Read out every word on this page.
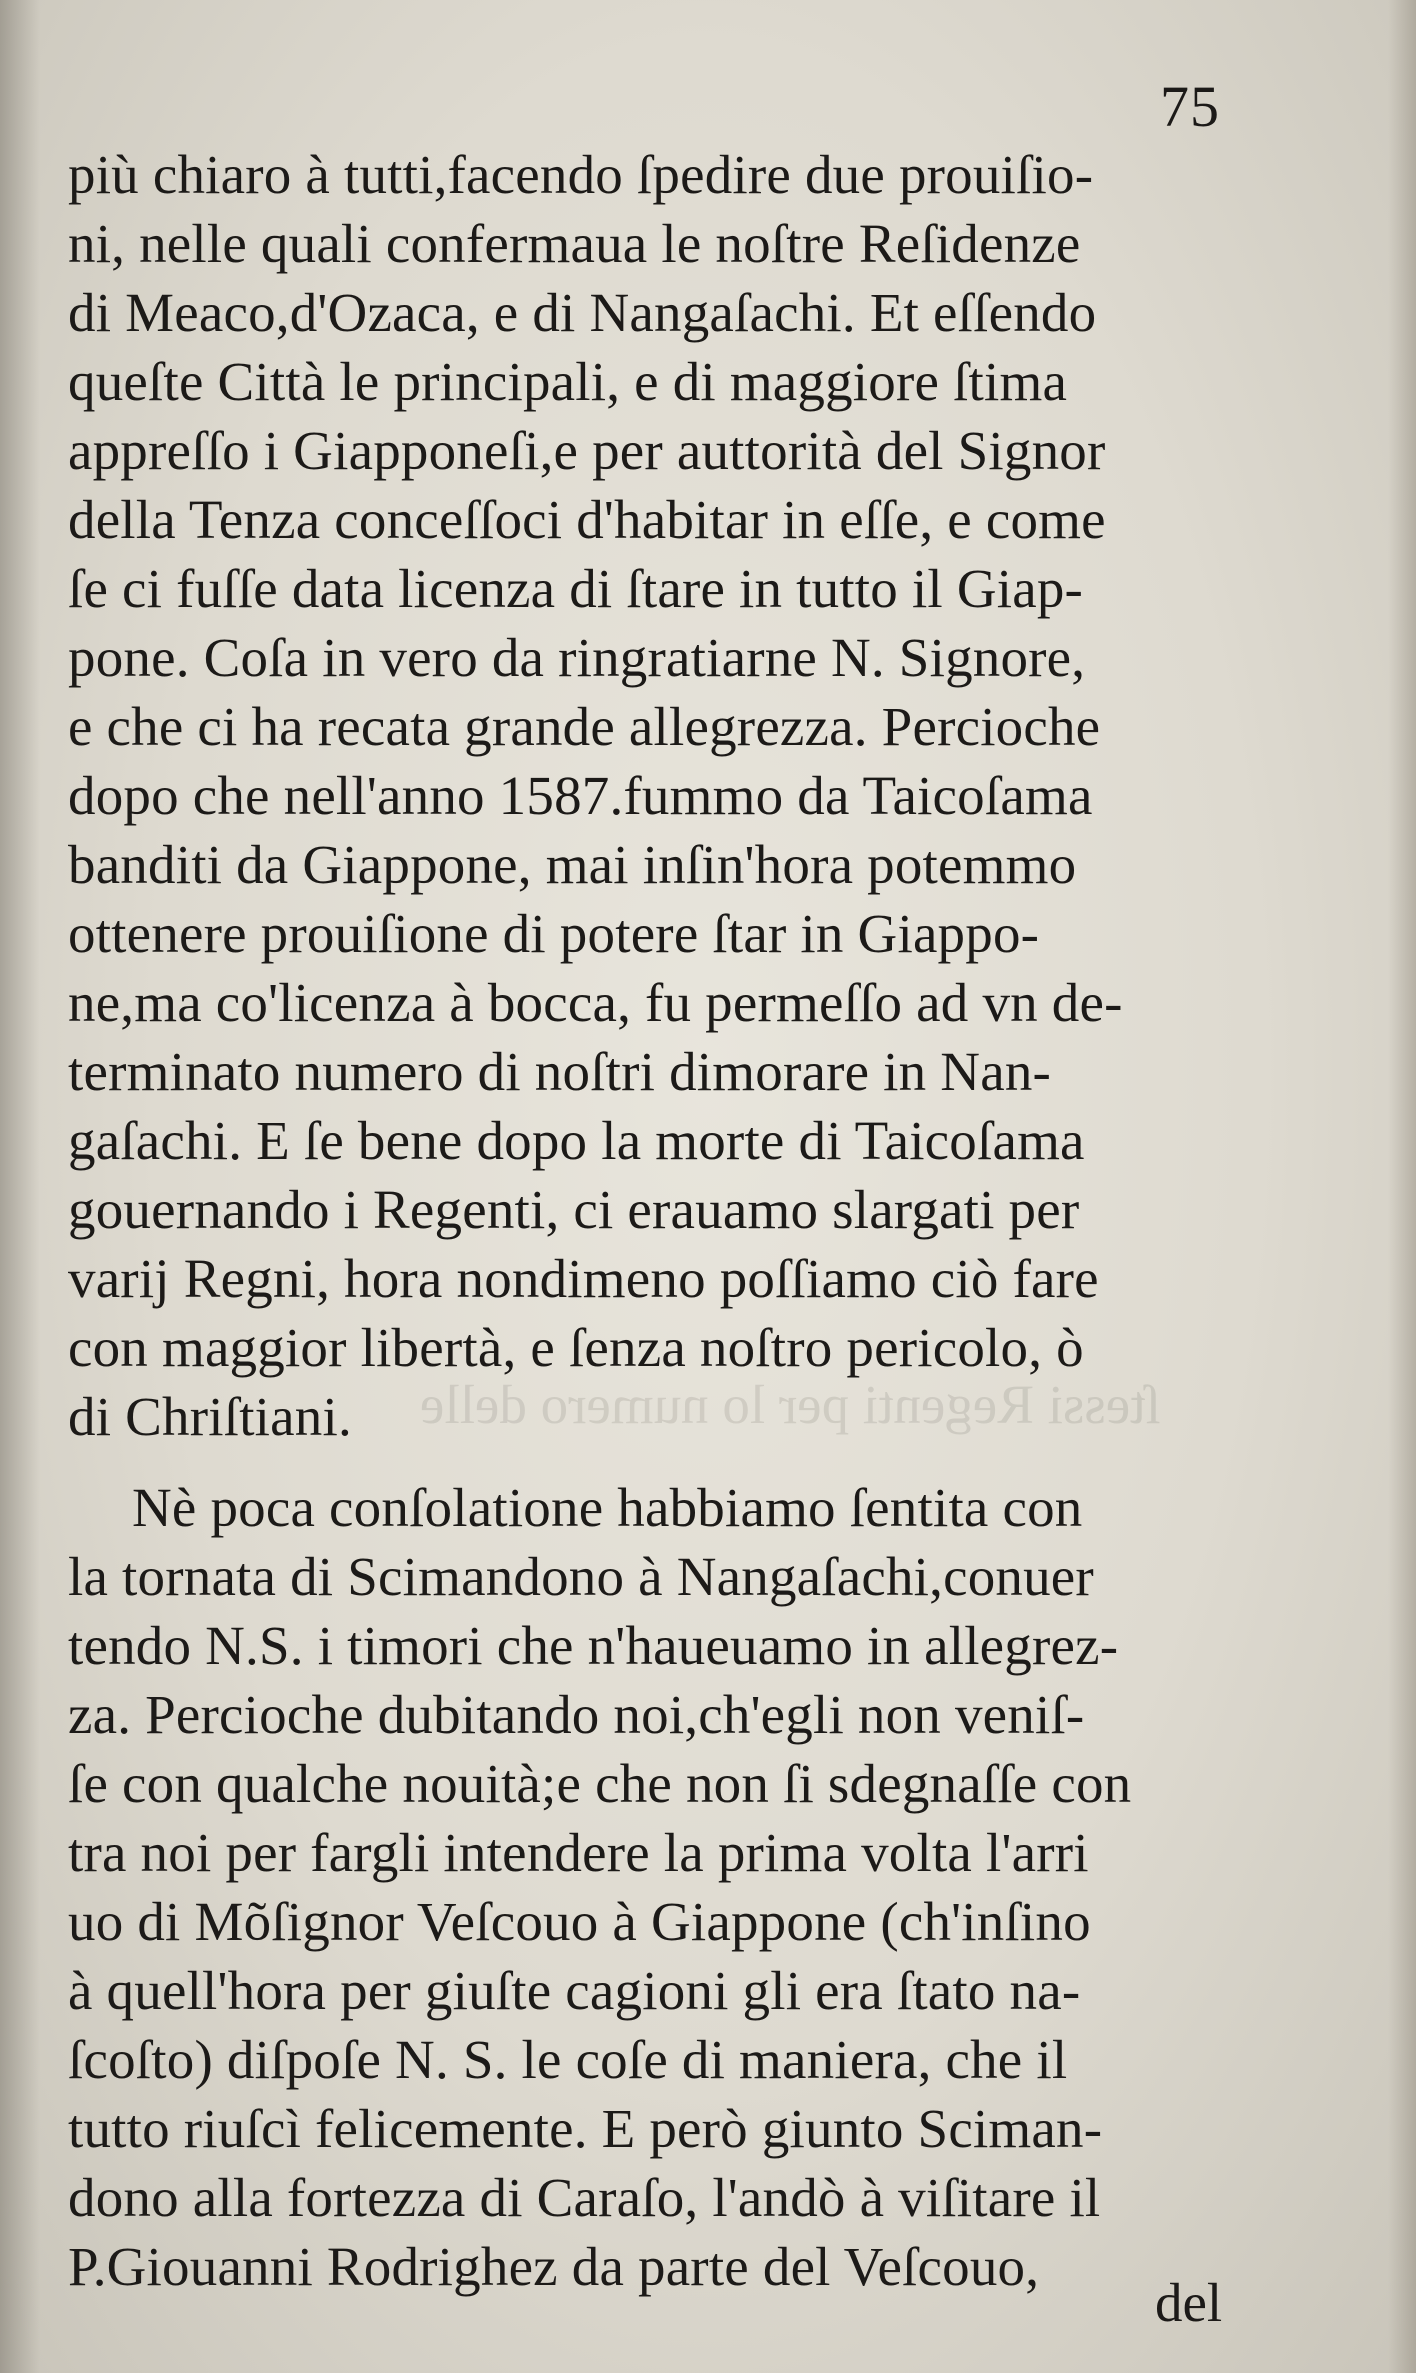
ſtessi Regenti per lo numero delle
75
più chiaro à tutti,facendo ſpedire due prouiſio-
ni, nelle quali confermaua le noſtre Reſidenze
di Meaco,d'Ozaca, e di Nangaſachi. Et eſſendo
queſte Città le principali, e di maggiore ſtima
appreſſo i Giapponeſi,e per auttorità del Signor
della Tenza conceſſoci d'habitar in eſſe, e come
ſe ci fuſſe data licenza di ſtare in tutto il Giap-
pone. Coſa in vero da ringratiarne N. Signore,
e che ci ha recata grande allegrezza. Percioche
dopo che nell'anno 1587.fummo da Taicoſama
banditi da Giappone, mai inſin'hora potemmo
ottenere prouiſione di potere ſtar in Giappo-
ne,ma co'licenza à bocca, fu permeſſo ad vn de-
terminato numero di noſtri dimorare in Nan-
gaſachi. E ſe bene dopo la morte di Taicoſama
gouernando i Regenti, ci erauamo slargati per
varij Regni, hora nondimeno poſſiamo ciò fare
con maggior libertà, e ſenza noſtro pericolo, ò
di Chriſtiani.
Nè poca conſolatione habbiamo ſentita con
la tornata di Scimandono à Nangaſachi,conuer
tendo N.S. i timori che n'haueuamo in allegrez-
za. Percioche dubitando noi,ch'egli non veniſ-
ſe con qualche nouità;e che non ſi sdegnaſſe con
tra noi per fargli intendere la prima volta l'arri
uo di Mõſignor Veſcouo à Giappone (ch'inſino
à quell'hora per giuſte cagioni gli era ſtato na-
ſcoſto) diſpoſe N. S. le coſe di maniera, che il
tutto riuſcì felicemente. E però giunto Sciman-
dono alla fortezza di Caraſo, l'andò à viſitare il
P.Giouanni Rodrighez da parte del Veſcouo,
del
